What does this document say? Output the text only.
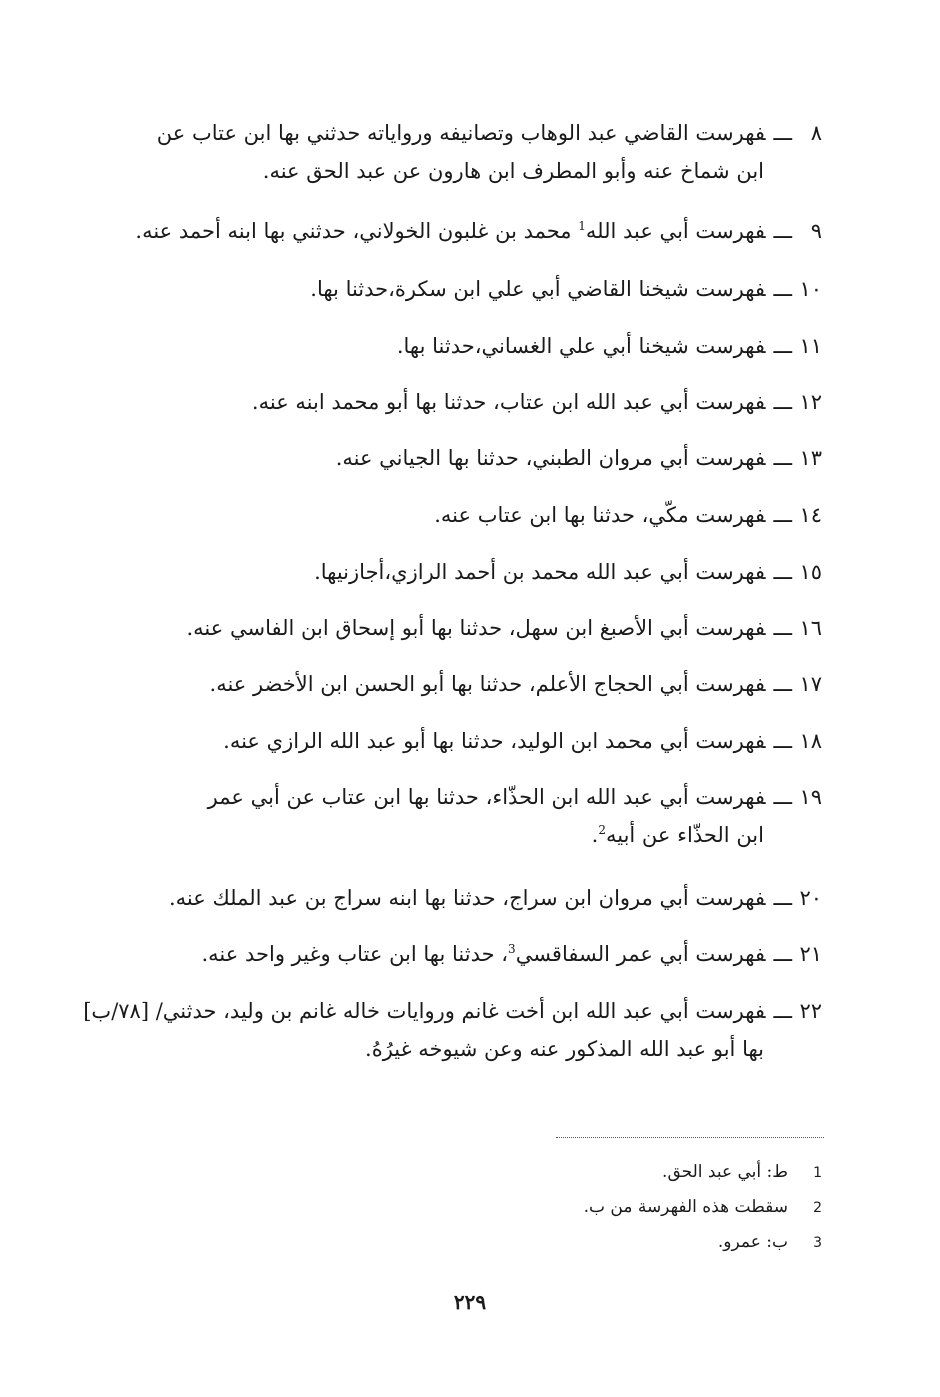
٨ـــفهرست القاضي عبد الوهاب وتصانيفه ورواياته حدثني بها ابن عتاب عن
ابن شماخ عنه وأبو المطرف ابن هارون عن عبد الحق عنه.
٩ـــفهرست أبي عبد الله$^1$ محمد بن غلبون الخولاني، حدثني بها ابنه أحمد عنه.
١٠ـــفهرست شيخنا القاضي أبي علي ابن سكرة،حدثنا بها.
١١ـــفهرست شيخنا أبي علي الغساني،حدثنا بها.
١٢ـــفهرست أبي عبد الله ابن عتاب، حدثنا بها أبو محمد ابنه عنه.
١٣ـــفهرست أبي مروان الطبني، حدثنا بها الجياني عنه.
١٤ـــفهرست مكّي، حدثنا بها ابن عتاب عنه.
١٥ـــفهرست أبي عبد الله محمد بن أحمد الرازي،أجازنيها.
١٦ـــفهرست أبي الأصبغ ابن سهل، حدثنا بها أبو إسحاق ابن الفاسي عنه.
١٧ـــفهرست أبي الحجاج الأعلم، حدثنا بها أبو الحسن ابن الأخضر عنه.
١٨ـــفهرست أبي محمد ابن الوليد، حدثنا بها أبو عبد الله الرازي عنه.
١٩ـــفهرست أبي عبد الله ابن الحذّاء، حدثنا بها ابن عتاب عن أبي عمر
ابن الحذّاء عن أبيه$^2$.
٢٠ـــفهرست أبي مروان ابن سراج، حدثنا بها ابنه سراج بن عبد الملك عنه.
٢١ـــفهرست أبي عمر السفاقسي$^3$، حدثنا بها ابن عتاب وغير واحد عنه.
٢٢ـــفهرست أبي عبد الله ابن أخت غانم وروايات خاله غانم بن وليد، حدثني/ [٧٨/ب]
بها أبو عبد الله المذكور عنه وعن شيوخه غيرُهُ.
1ط: أبي عبد الحق.
2سقطت هذه الفهرسة من ب.
3ب: عمرو.
٢٢٩
